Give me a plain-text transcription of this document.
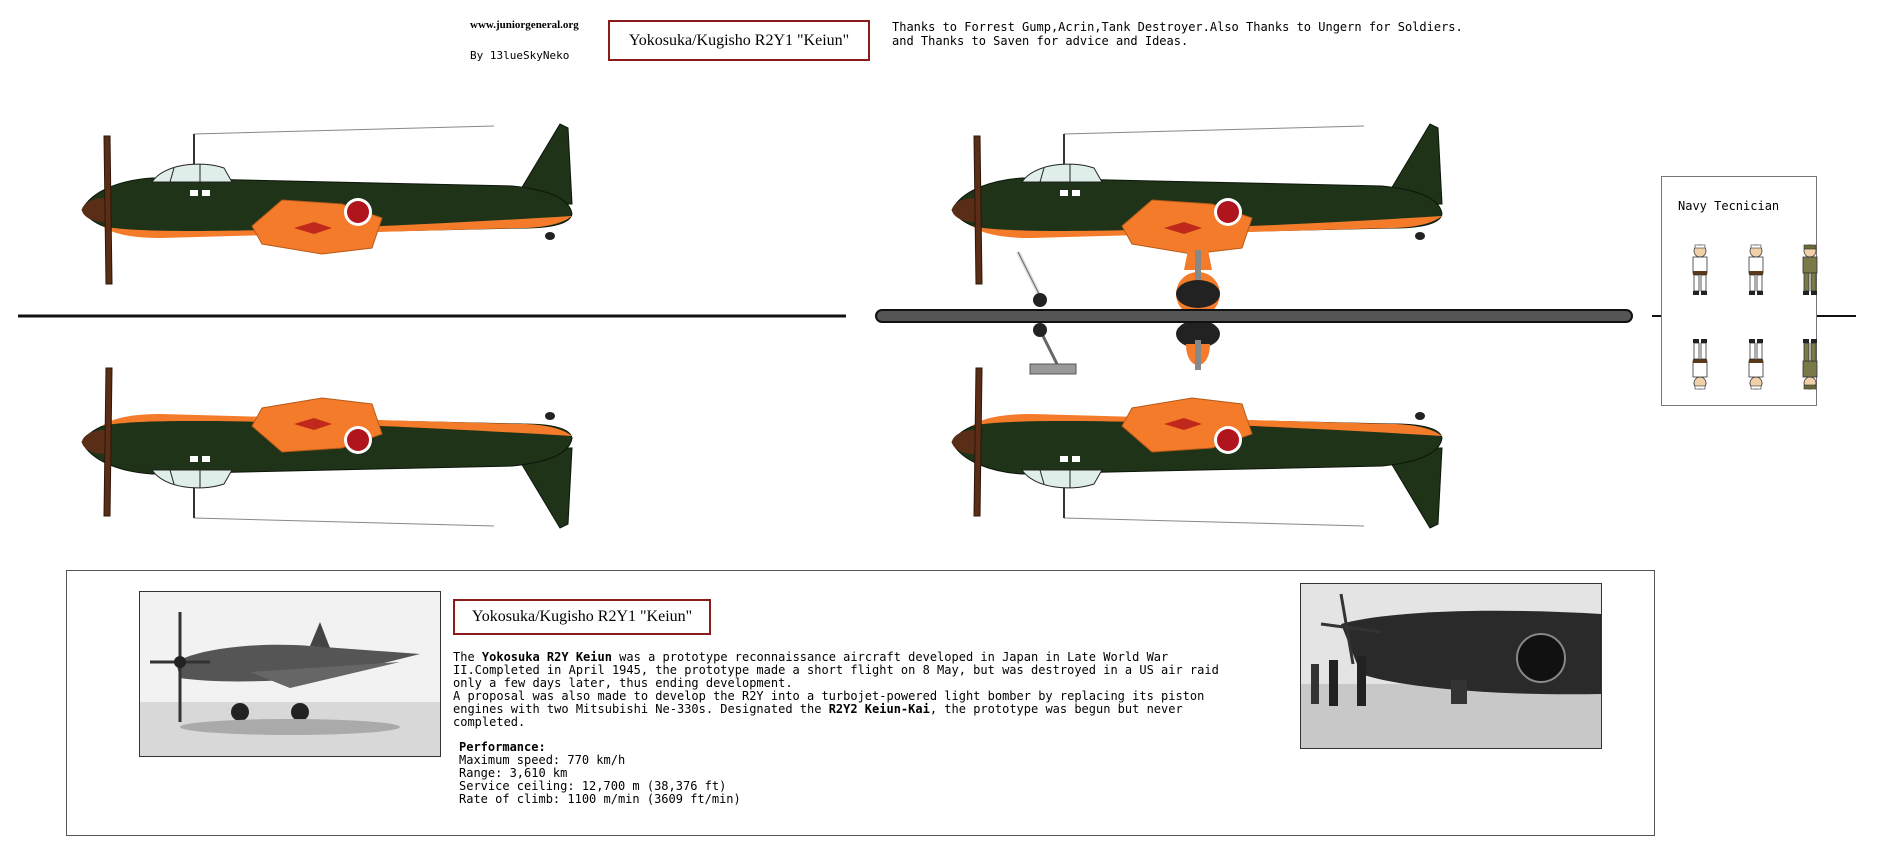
www.juniorgeneral.org
By 13lueSkyNeko
Yokosuka/Kugisho R2Y1 "Keiun"
Thanks to Forrest Gump,Acrin,Tank Destroyer.Also Thanks to Ungern for Soldiers.
and Thanks to Saven for advice and Ideas.
Navy Tecnician
Yokosuka/Kugisho R2Y1 "Keiun"

The Yokosuka R2Y Keiun was a prototype reconnaissance aircraft developed in Japan in Late World War II.Completed in April 1945, the prototype made a short flight on 8 May, but was destroyed in a US air raid only a few days later, thus ending development.

A proposal was also made to develop the R2Y into a turbojet-powered light bomber by replacing its piston engines with two Mitsubishi Ne-330s. Designated the R2Y2 Keiun-Kai, the prototype was begun but never completed.

Performance:
Maximum speed: 770 km/h
Range: 3,610 km
Service ceiling: 12,700 m (38,376 ft)
Rate of climb: 1100 m/min (3609 ft/min)
